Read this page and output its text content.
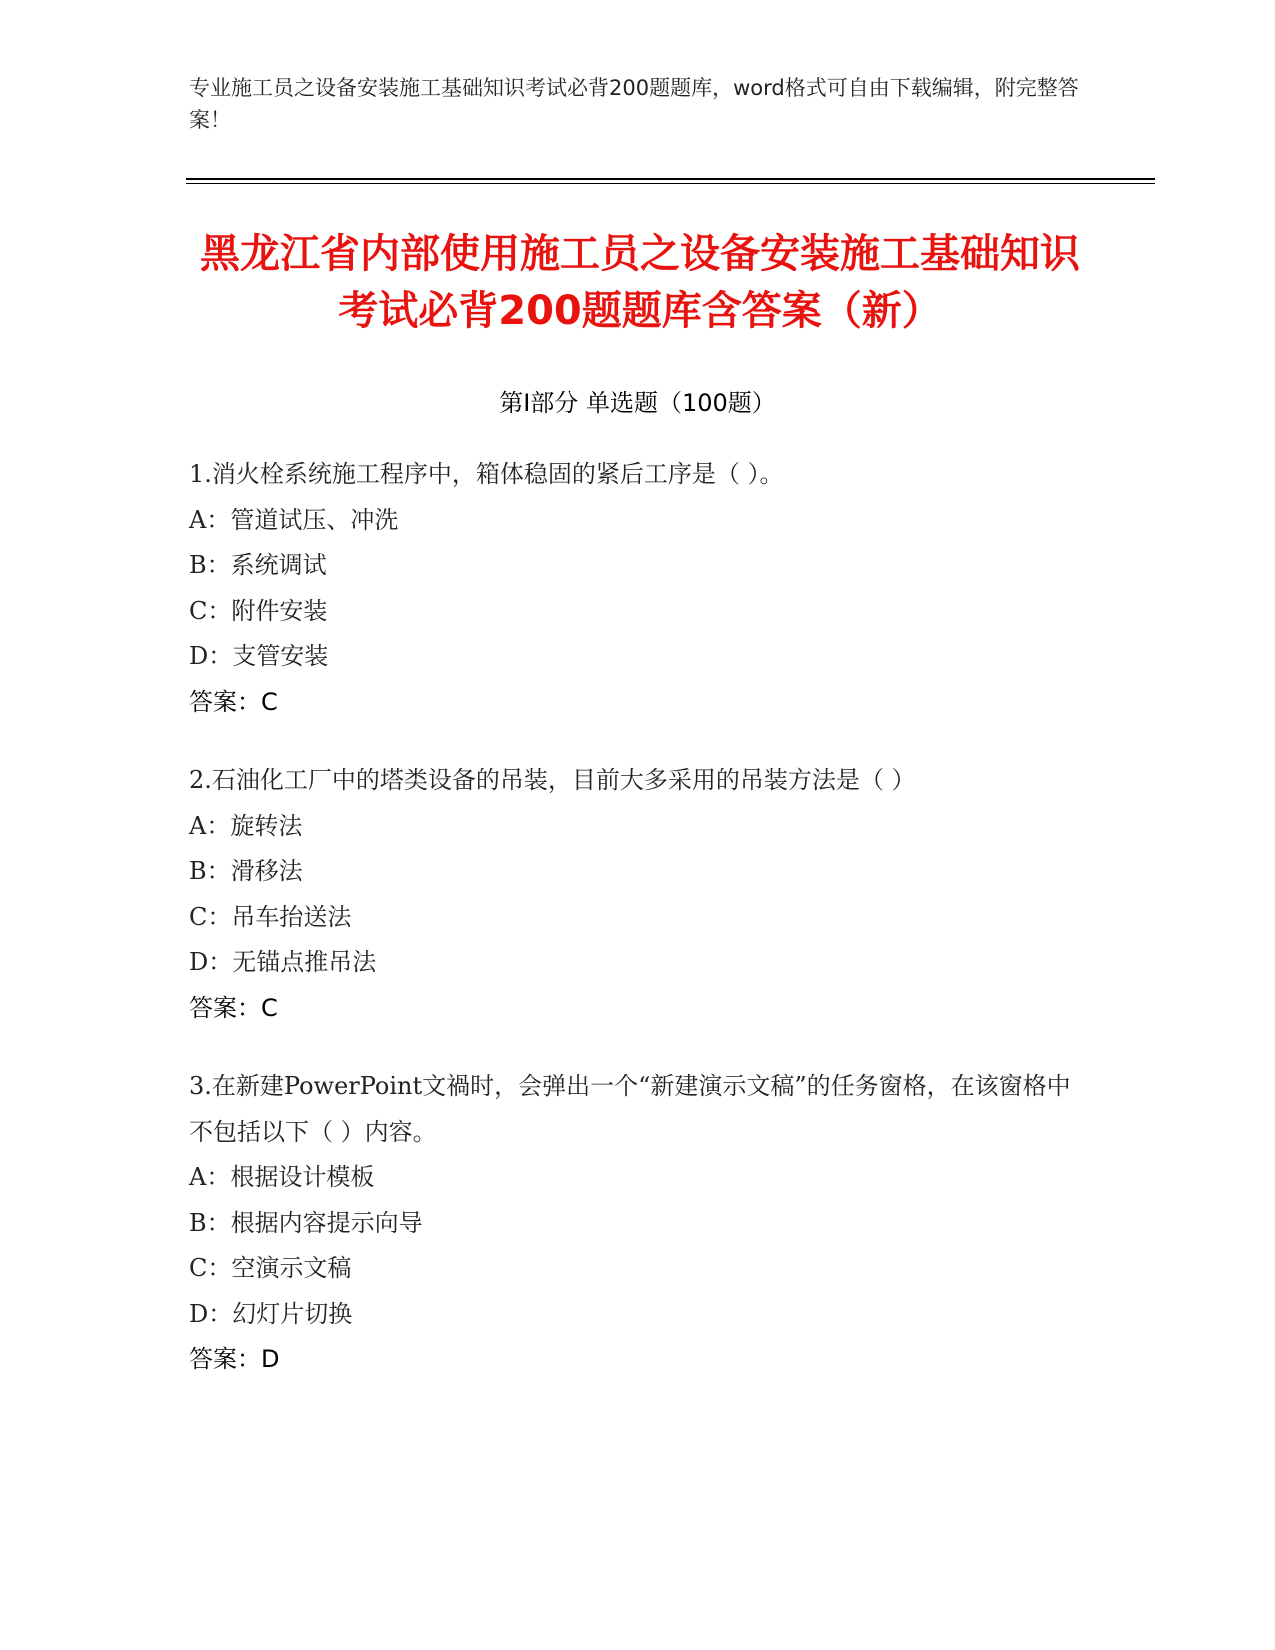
专业施工员之设备安装施工基础知识考试必背200题题库，word格式可自由下载编辑，附完整答案！
黑龙江省内部使用施工员之设备安装施工基础知识考试必背200题题库含答案（新）
第Ⅰ部分 单选题（100题）
1.消火栓系统施工程序中，箱体稳固的紧后工序是（ ）。
A：管道试压、冲洗
B：系统调试
C：附件安装
D：支管安装
答案：C
2.石油化工厂中的塔类设备的吊装，目前大多采用的吊装方法是（ ）
A：旋转法
B：滑移法
C：吊车抬送法
D：无锚点推吊法
答案：C
3.在新建PowerPoint文禍时，会弹出一个“新建演示文稿”的任务窗格，在该窗格中不包括以下（ ）内容。
A：根据设计模板
B：根据内容提示向导
C：空演示文稿
D：幻灯片切换
答案：D
